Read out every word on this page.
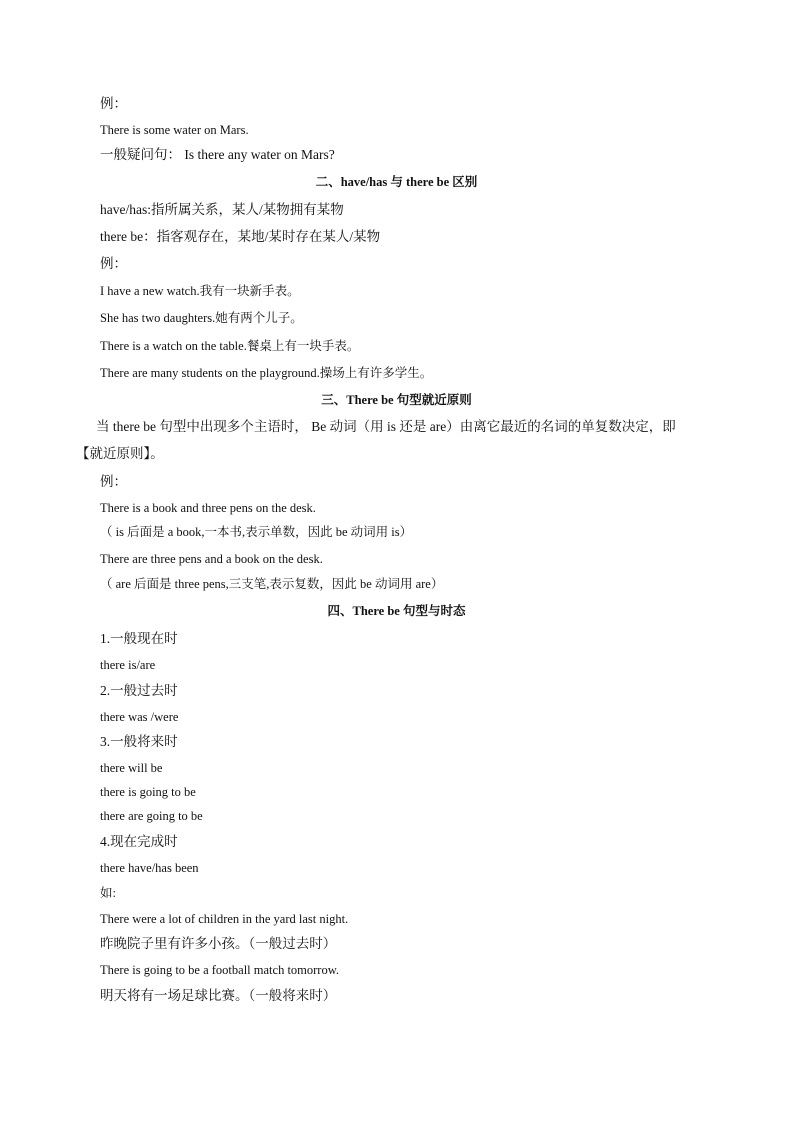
例：
There is some water on Mars.
一般疑问句： Is there any water on Mars?
二、have/has 与 there be 区别
have/has:指所属关系，某人/某物拥有某物
there be：指客观存在，某地/某时存在某人/某物
例：
I have a new watch.我有一块新手表。
She has two daughters.她有两个儿子。
There is a watch on the table.餐桌上有一块手表。
There are many students on the playground.操场上有许多学生。
三、There be 句型就近原则
当 there be 句型中出现多个主语时， Be 动词（用 is 还是 are）由离它最近的名词的单复数决定，即
【就近原则】。
例：
There is a book and three pens on the desk.
（ is 后面是 a book,一本书,表示单数，因此 be 动词用 is）
There are three pens and a book on the desk.
（ are 后面是 three pens,三支笔,表示复数，因此 be 动词用 are）
四、There be 句型与时态
1.一般现在时
there is/are
2.一般过去时
there was /were
3.一般将来时
there will be
there is going to be
there are going to be
4.现在完成时
there have/has been
如:
There were a lot of children in the yard last night.
昨晚院子里有许多小孩。（一般过去时）
There is going to be a football match tomorrow.
明天将有一场足球比赛。（一般将来时）
